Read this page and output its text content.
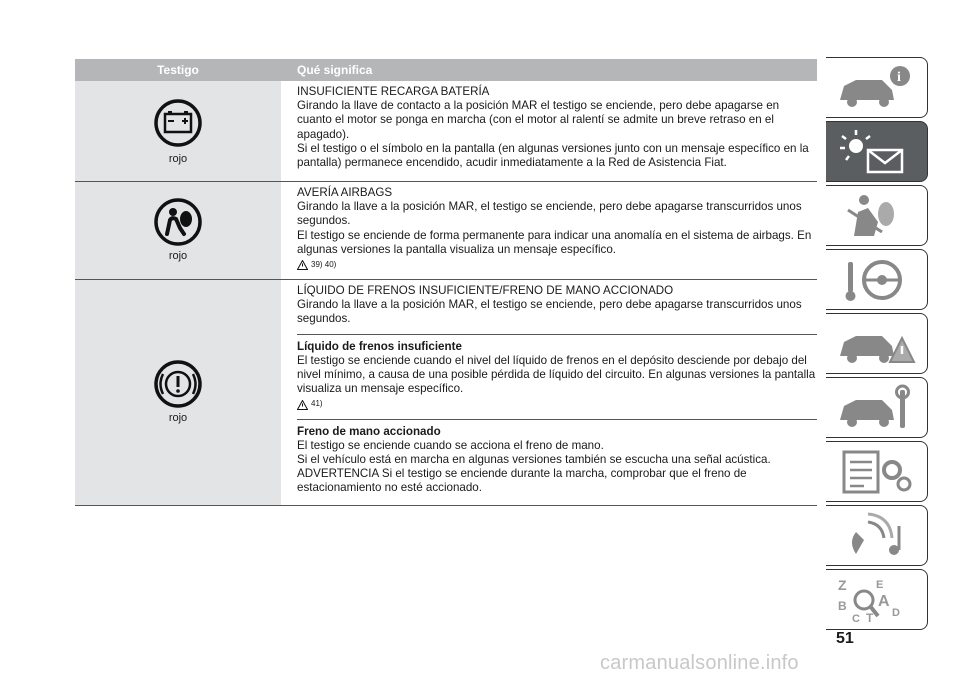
Testigo	Qué significa
rojo

INSUFICIENTE RECARGA BATERÍA

Girando la llave de contacto a la posición MAR el testigo se enciende, pero debe apagarse en cuanto el motor se ponga en marcha (con el motor al ralentí se admite un breve retraso en el apagado).

Si el testigo o el símbolo en la pantalla (en algunas versiones junto con un mensaje específico en la pantalla) permanece encendido, acudir inmediatamente a la Red de Asistencia Fiat.

rojo

AVERÍA AIRBAGS

Girando la llave a la posición MAR, el testigo se enciende, pero debe apagarse transcurridos unos segundos.

El testigo se enciende de forma permanente para indicar una anomalía en el sistema de airbags. En algunas versiones la pantalla visualiza un mensaje específico.

39) 40)
rojo

LÍQUIDO DE FRENOS INSUFICIENTE/FRENO DE MANO ACCIONADO

Girando la llave a la posición MAR, el testigo se enciende, pero debe apagarse transcurridos unos segundos.

Líquido de frenos insuficiente

El testigo se enciende cuando el nivel del líquido de frenos en el depósito desciende por debajo del nivel mínimo, a causa de una posible pérdida de líquido del circuito. En algunas versiones la pantalla visualiza un mensaje específico.

41)

Freno de mano accionado

El testigo se enciende cuando se acciona el freno de mano.

Si el vehículo está en marcha en algunas versiones también se escucha una señal acústica.

ADVERTENCIA Si el testigo se enciende durante la marcha, comprobar que el freno de estacionamiento no esté accionado.

i
Z	E
B A
C T D
51
carmanualsonline.info
